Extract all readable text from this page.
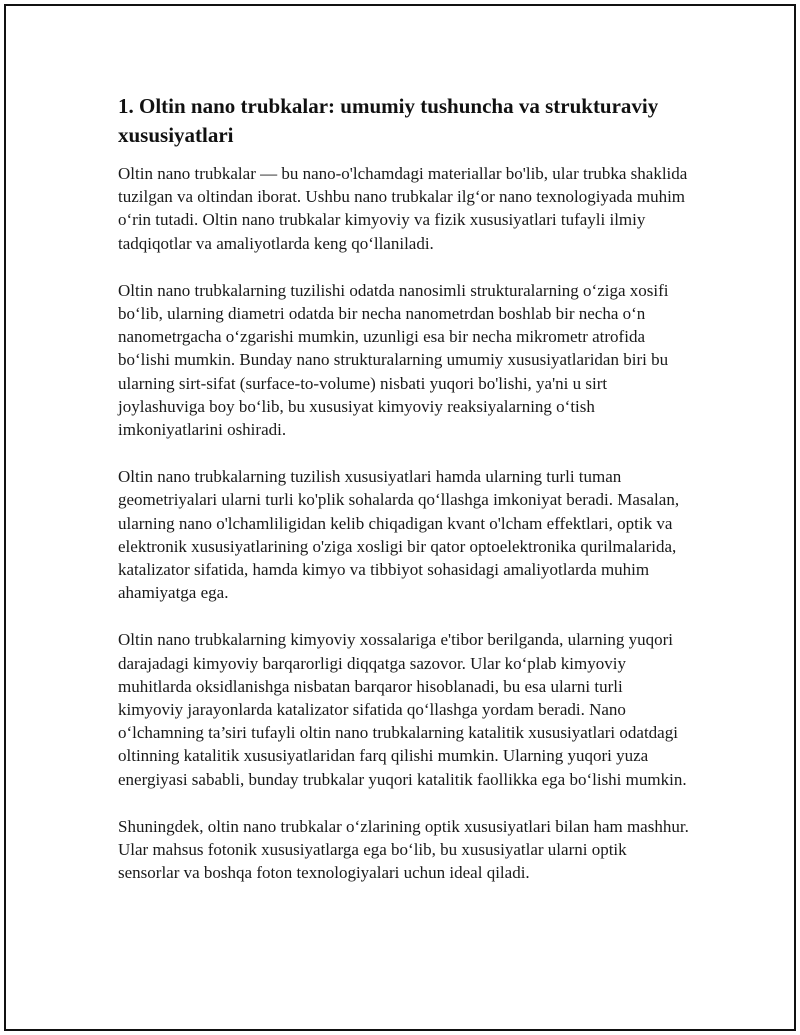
1. Oltin nano trubkalar: umumiy tushuncha va strukturaviy xususiyatlari

Oltin nano trubkalar — bu nano-o'lchamdagi materiallar bo'lib, ular trubka shaklida tuzilgan va oltindan iborat. Ushbu nano trubkalar ilg‘or nano texnologiyada muhim o‘rin tutadi. Oltin nano trubkalar kimyoviy va fizik xususiyatlari tufayli ilmiy tadqiqotlar va amaliyotlarda keng qo‘llaniladi.

Oltin nano trubkalarning tuzilishi odatda nanosimli strukturalarning o‘ziga xosifi bo‘lib, ularning diametri odatda bir necha nanometrdan boshlab bir necha o‘n nanometrgacha o‘zgarishi mumkin, uzunligi esa bir necha mikrometr atrofida bo‘lishi mumkin. Bunday nano strukturalarning umumiy xususiyatlaridan biri bu ularning sirt-sifat (surface-to-volume) nisbati yuqori bo'lishi, ya'ni u sirt joylashuviga boy bo‘lib, bu xususiyat kimyoviy reaksiyalarning o‘tish imkoniyatlarini oshiradi.

Oltin nano trubkalarning tuzilish xususiyatlari hamda ularning turli tuman geometriyalari ularni turli ko'plik sohalarda qo‘llashga imkoniyat beradi. Masalan, ularning nano o'lchamliligidan kelib chiqadigan kvant o'lcham effektlari, optik va elektronik xususiyatlarining o'ziga xosligi bir qator optoelektronika qurilmalarida, katalizator sifatida, hamda kimyo va tibbiyot sohasidagi amaliyotlarda muhim ahamiyatga ega.

Oltin nano trubkalarning kimyoviy xossalariga e'tibor berilganda, ularning yuqori darajadagi kimyoviy barqarorligi diqqatga sazovor. Ular ko‘plab kimyoviy muhitlarda oksidlanishga nisbatan barqaror hisoblanadi, bu esa ularni turli kimyoviy jarayonlarda katalizator sifatida qo‘llashga yordam beradi. Nano o‘lchamning ta’siri tufayli oltin nano trubkalarning katalitik xususiyatlari odatdagi oltinning katalitik xususiyatlaridan farq qilishi mumkin. Ularning yuqori yuza energiyasi sababli, bunday trubkalar yuqori katalitik faollikka ega bo‘lishi mumkin.

Shuningdek, oltin nano trubkalar o‘zlarining optik xususiyatlari bilan ham mashhur. Ular mahsus fotonik xususiyatlarga ega bo‘lib, bu xususiyatlar ularni optik sensorlar va boshqa foton texnologiyalari uchun ideal qiladi.
